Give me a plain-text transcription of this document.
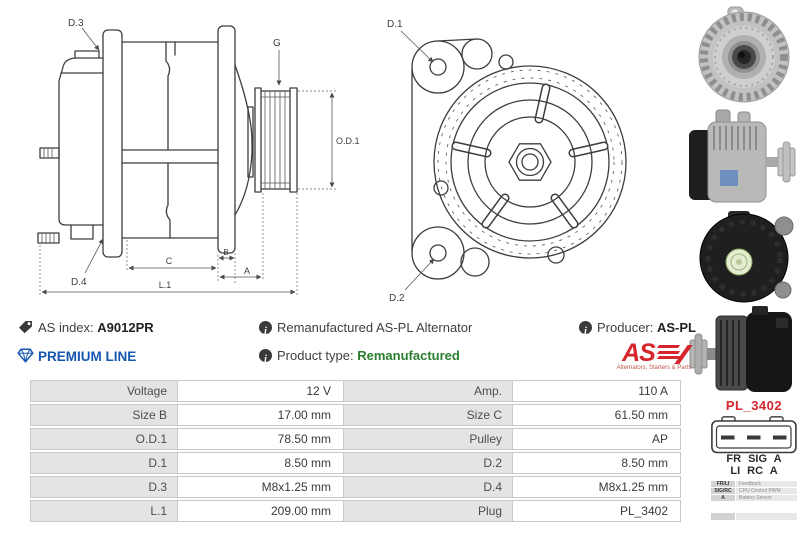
D.3
G
O.D.1
D.4
C
B
A
L.1
D.1
D.2
AS index: A9012PR
PREMIUM LINE
i
Remanufactured AS-PL Alternator
i
Product type: Remanufactured
i
Producer: AS-PL
AS
Alternators, Starters & Parts
Voltage	12 V	Amp.	110 A
Size B	17.00 mm	Size C	61.50 mm
O.D.1	78.50 mm	Pulley	AP
D.1	8.50 mm	D.2	8.50 mm
D.3	M8x1.25 mm	D.4	M8x1.25 mm
L.1	209.00 mm	Plug	PL_3402
PL_3402
FR SIG A
LI RC A
FR/LI	Feedback
SIG/RC	CPU Control PWM
A	Battery Sensor
